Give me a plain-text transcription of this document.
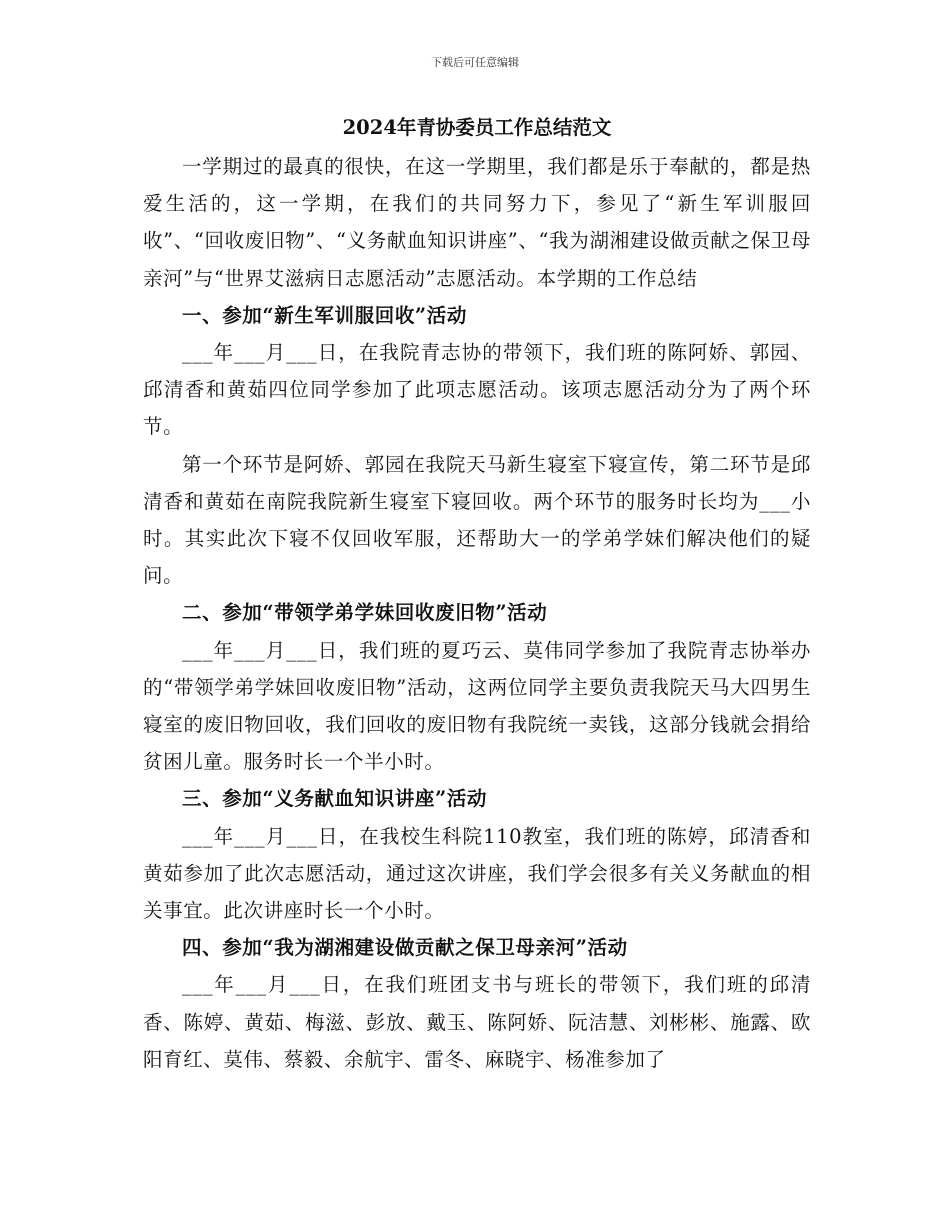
下载后可任意编辑
2024年青协委员工作总结范文

一学期过的最真的很快，在这一学期里，我们都是乐于奉献的，都是热爱生活的，这一学期，在我们的共同努力下，参见了“新生军训服回收”、“回收废旧物”、“义务献血知识讲座”、“我为湖湘建设做贡献之保卫母亲河”与“世界艾滋病日志愿活动”志愿活动。本学期的工作总结

一、参加“新生军训服回收”活动

___年___月___日，在我院青志协的带领下，我们班的陈阿娇、郭园、邱清香和黄茹四位同学参加了此项志愿活动。该项志愿活动分为了两个环节。

第一个环节是阿娇、郭园在我院天马新生寝室下寝宣传，第二环节是邱清香和黄茹在南院我院新生寝室下寝回收。两个环节的服务时长均为___小时。其实此次下寝不仅回收军服，还帮助大一的学弟学妹们解决他们的疑问。

二、参加“带领学弟学妹回收废旧物”活动

___年___月___日，我们班的夏巧云、莫伟同学参加了我院青志协举办的“带领学弟学妹回收废旧物”活动，这两位同学主要负责我院天马大四男生寝室的废旧物回收，我们回收的废旧物有我院统一卖钱，这部分钱就会捐给贫困儿童。服务时长一个半小时。

三、参加“义务献血知识讲座”活动

___年___月___日，在我校生科院110教室，我们班的陈婷，邱清香和黄茹参加了此次志愿活动，通过这次讲座，我们学会很多有关义务献血的相关事宜。此次讲座时长一个小时。

四、参加“我为湖湘建设做贡献之保卫母亲河”活动

___年___月___日，在我们班团支书与班长的带领下，我们班的邱清香、陈婷、黄茹、梅滋、彭放、戴玉、陈阿娇、阮洁慧、刘彬彬、施露、欧阳育红、莫伟、蔡毅、余航宇、雷冬、麻晓宇、杨准参加了
